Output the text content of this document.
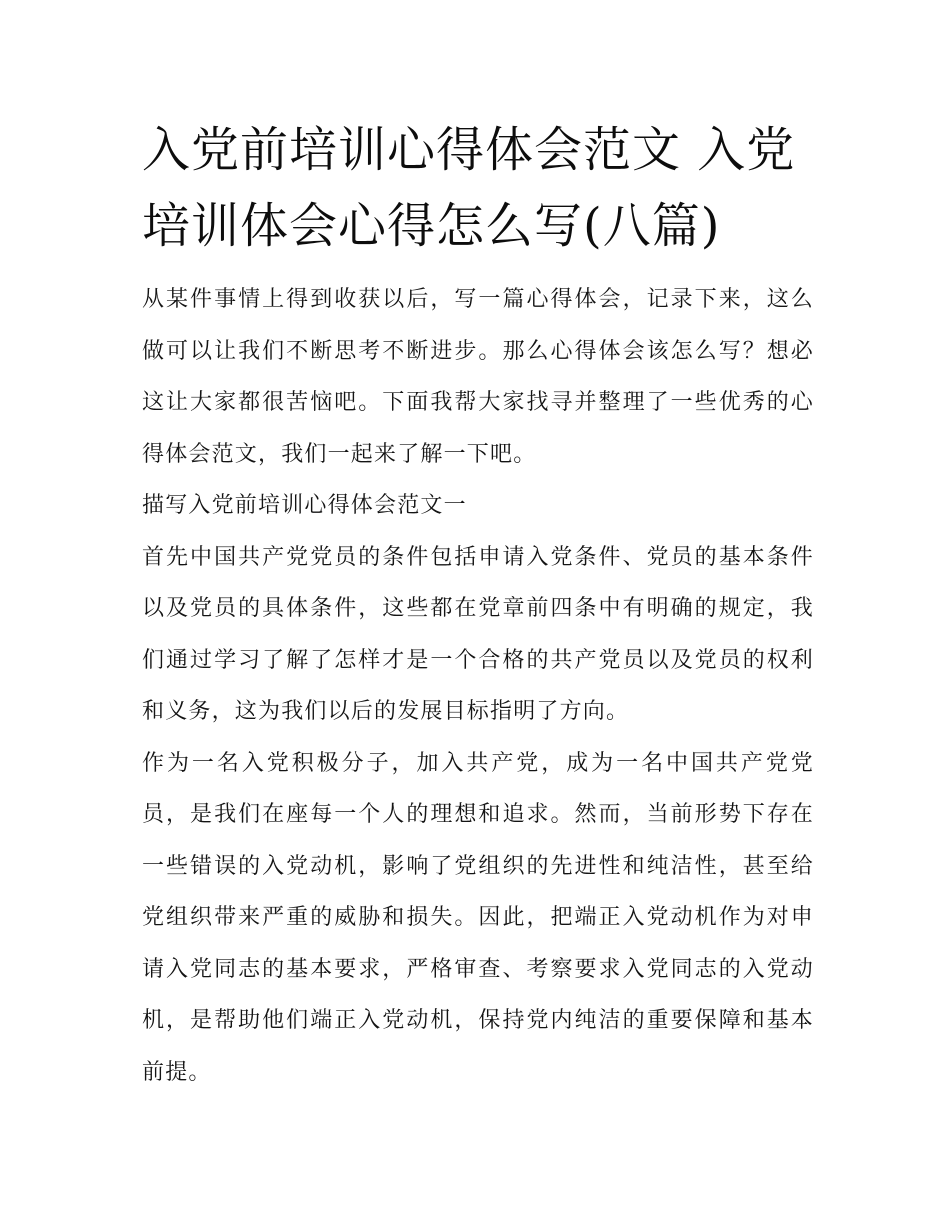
入党前培训心得体会范文 入党培训体会心得怎么写(八篇)

从某件事情上得到收获以后，写一篇心得体会，记录下来，这么做可以让我们不断思考不断进步。那么心得体会该怎么写？想必这让大家都很苦恼吧。下面我帮大家找寻并整理了一些优秀的心得体会范文，我们一起来了解一下吧。

描写入党前培训心得体会范文一

首先中国共产党党员的条件包括申请入党条件、党员的基本条件以及党员的具体条件，这些都在党章前四条中有明确的规定，我们通过学习了解了怎样才是一个合格的共产党员以及党员的权利和义务，这为我们以后的发展目标指明了方向。

作为一名入党积极分子，加入共产党，成为一名中国共产党党员，是我们在座每一个人的理想和追求。然而，当前形势下存在一些错误的入党动机，影响了党组织的先进性和纯洁性，甚至给党组织带来严重的威胁和损失。因此，把端正入党动机作为对申请入党同志的基本要求，严格审查、考察要求入党同志的入党动机，是帮助他们端正入党动机，保持党内纯洁的重要保障和基本前提。
